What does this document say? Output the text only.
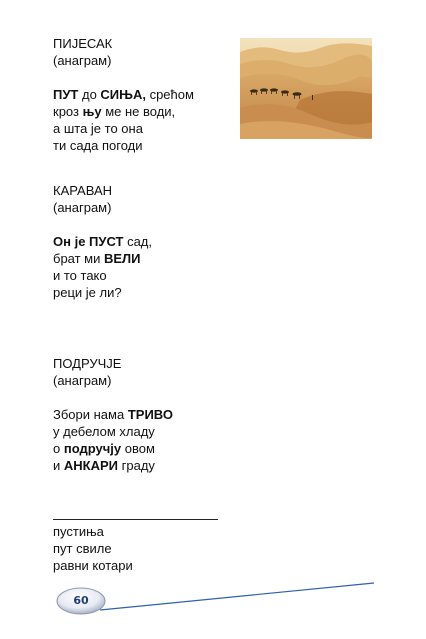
ПИЈЕСАК
(анаграм)
ПУТ до СИЊА, срећом
кроз њу ме не води,
а шта је то она
ти сада погоди
КАРАВАН
(анаграм)
Он је ПУСТ сад,
брат ми ВЕЛИ
и то тако
реци је ли?
ПОДРУЧЈЕ
(анаграм)
Збори нама ТРИВО
у дебелом хладу
о подручју овом
и АНКАРИ граду
пустиња
пут свиле
равни котари
60
